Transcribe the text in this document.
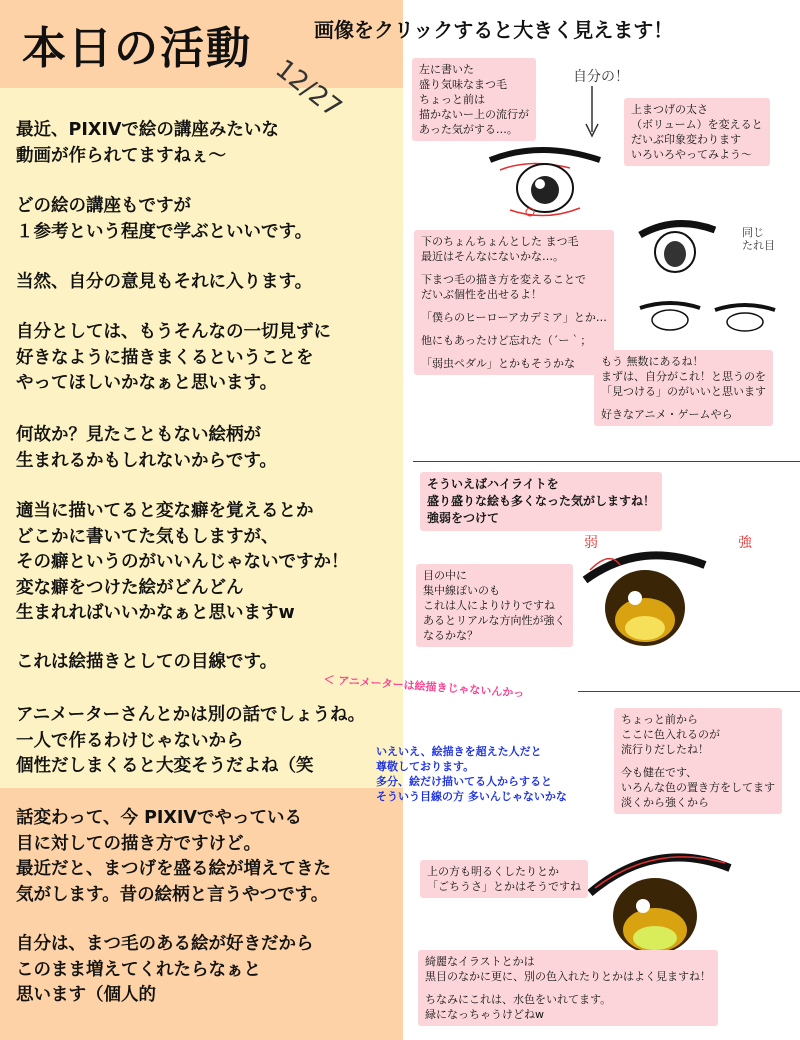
本日の活動
12/27
最近、PIXIVで絵の講座みたいな
動画が作られてますねぇ～
どの絵の講座もですが
１参考という程度で学ぶといいです。
当然、自分の意見もそれに入ります。
自分としては、もうそんなの一切見ずに
好きなように描きまくるということを
やってほしいかなぁと思います。
何故か？見たこともない絵柄が
生まれるかもしれないからです。
適当に描いてると変な癖を覚えるとか
どこかに書いてた気もしますが、
その癖というのがいいんじゃないですか！
変な癖をつけた絵がどんどん
生まれればいいかなぁと思いますw
これは絵描きとしての目線です。
アニメーターさんとかは別の話でしょうね。
一人で作るわけじゃないから
個性だしまくると大変そうだよね（笑
話変わって、今 PIXIVでやっている
目に対しての描き方ですけど。
最近だと、まつげを盛る絵が増えてきた
気がします。昔の絵柄と言うやつです。
自分は、まつ毛のある絵が好きだから
このまま増えてくれたらなぁと
思います（個人的
画像をクリックすると大きく見えます！
自分の！
同じ
たれ目
弱	強
左に書いた
盛り気味なまつ毛
ちょっと前は
描かないー上の流行が
あった気がする…。
上まつげの太さ
（ボリューム）を変えると
だいぶ印象変わります
いろいろやってみよう～
下のちょんちょんとした まつ毛
最近はそんなにないかな…。
下まつ毛の描き方を変えることで
だいぶ個性を出せるよ！
「僕らのヒーローアカデミア」とか…
他にもあったけど忘れた（´ー｀；
「弱虫ペダル」とかもそうかな	もう 無数にあるね！
まずは、自分がこれ！と思うのを
「見つける」のがいいと思います
好きなアニメ・ゲームやら
そういえばハイライトを
盛り盛りな絵も多くなった気がしますね！
強弱をつけて
目の中に
集中線ぽいのも
これは人によりけりですね
あるとリアルな方向性が強く
なるかな？
ちょっと前から
ここに色入れるのが
流行りだしたね！
今も健在です、
いろんな色の置き方をしてます
淡くから強くから
上の方も明るくしたりとか
「ごちうさ」とかはそうですね
綺麗なイラストとかは
黒目のなかに更に、別の色入れたりとかはよく見ますね！
ちなみにこれは、水色をいれてます。
緑になっちゃうけどねw
＜ アニメーターは絵描きじゃないんかっ
いえいえ、絵描きを超えた人だと
尊敬しております。
多分、絵だけ描いてる人からすると
そういう目線の方 多いんじゃないかな
